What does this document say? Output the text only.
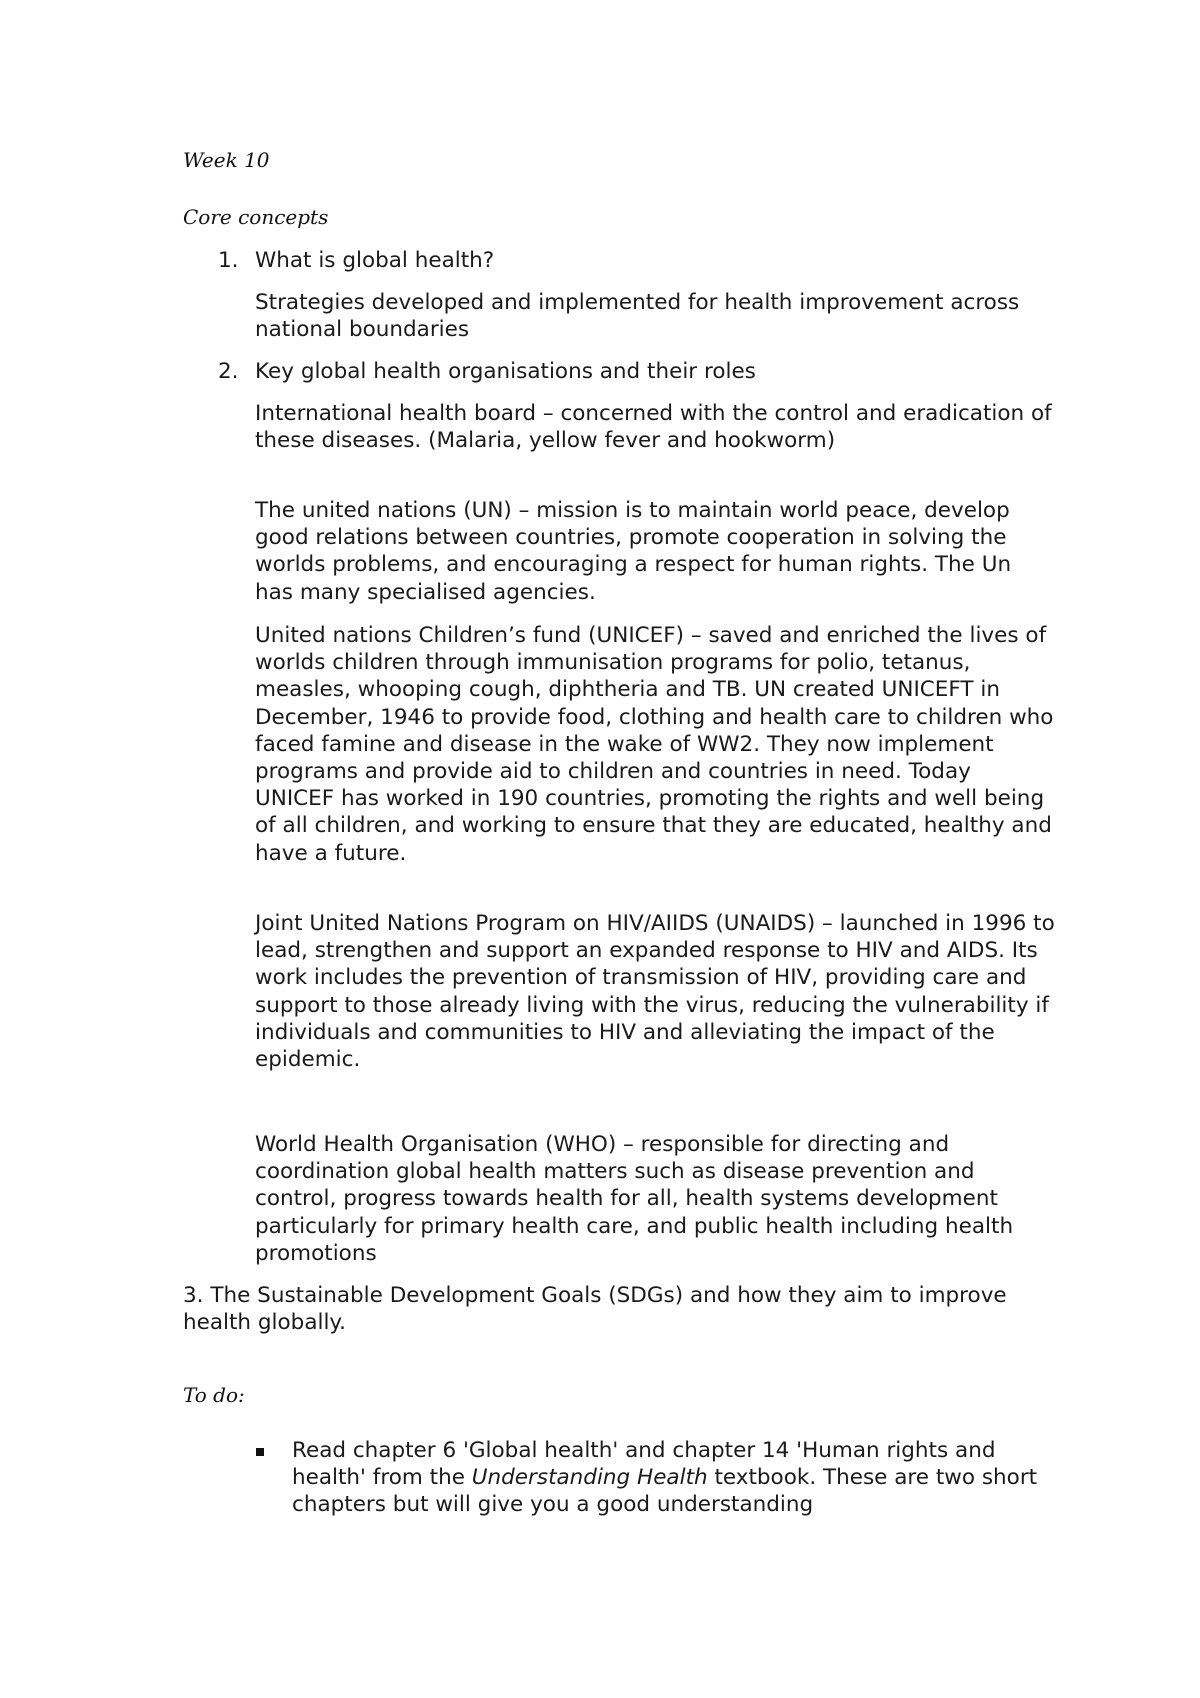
Week 10
Core concepts
1. What is global health?

Strategies developed and implemented for health improvement across national boundaries

2. Key global health organisations and their roles

International health board – concerned with the control and eradication of these diseases. (Malaria, yellow fever and hookworm)

The united nations (UN) – mission is to maintain world peace, develop good relations between countries, promote cooperation in solving the worlds problems, and encouraging a respect for human rights. The Un has many specialised agencies.

United nations Children’s fund (UNICEF) – saved and enriched the lives of worlds children through immunisation programs for polio, tetanus, measles, whooping cough, diphtheria and TB. UN created UNICEFT in December, 1946 to provide food, clothing and health care to children who faced famine and disease in the wake of WW2. They now implement programs and provide aid to children and countries in need. Today UNICEF has worked in 190 countries, promoting the rights and well being of all children, and working to ensure that they are educated, healthy and have a future.

Joint United Nations Program on HIV/AIIDS (UNAIDS) – launched in 1996 to lead, strengthen and support an expanded response to HIV and AIDS. Its work includes the prevention of transmission of HIV, providing care and support to those already living with the virus, reducing the vulnerability if individuals and communities to HIV and alleviating the impact of the epidemic.

World Health Organisation (WHO) – responsible for directing and coordination global health matters such as disease prevention and control, progress towards health for all, health systems development particularly for primary health care, and public health including health promotions

3. The Sustainable Development Goals (SDGs) and how they aim to improve health globally.

To do:

Read chapter 6 'Global health' and chapter 14 'Human rights and health' from the Understanding Health textbook. These are two short chapters but will give you a good understanding
